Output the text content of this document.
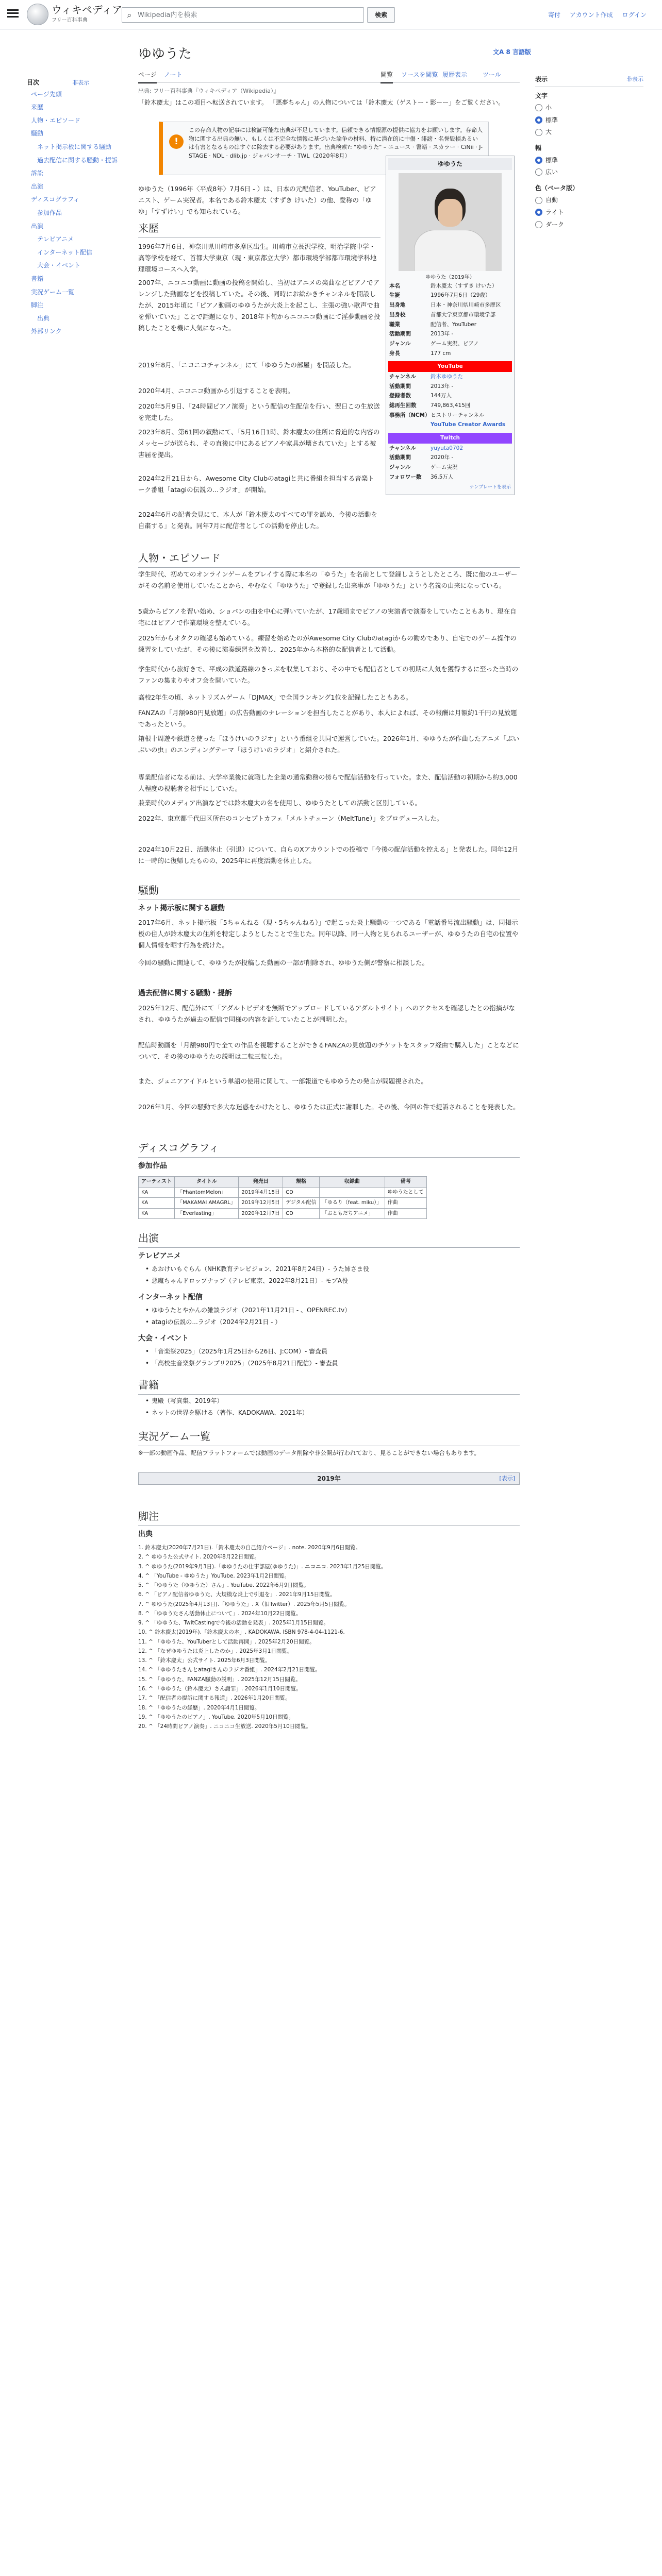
ウィキペディア
フリー百科事典
⌕ Wikipedia内を検索	検索	寄付 アカウント作成 ログイン
目次	非表示
ページ先頭
来歴
人物・エピソード
騒動
ネット掲示板に関する騒動
過去配信に関する騒動・提訴
訴訟
出演
ディスコグラフィ
参加作品
出演
テレビアニメ
インターネット配信
大会・イベント
書籍
実況ゲーム一覧
脚注
出典
外部リンク
表示	非表示
文字
小
標準
大
幅
標準
広い
色（ベータ版）
自動
ライト
ダーク
ゆゆうた	文A 8 言語版
ページ ノート	閲覧 ソースを閲覧 履歴表示 ツール
出典: フリー百科事典『ウィキペディア（Wikipedia）』
「鈴木慶太」はこの項目へ転送されています。 「悪夢ちゃん」の人物については「鈴木慶太（ゲストー・影ーー」をご覧ください。
!
この存命人物の記事には検証可能な出典が不足しています。信頼できる情報源の提供に協力をお願いします。存命人物に関する出典の無い、もしくは不完全な情報に基づいた論争の材料、特に潜在的に中傷・誹謗・名誉毀損あるいは有害となるものはすぐに除去する必要があります。出典検索?: "ゆゆうた" – ニュース · 書籍 · スカラー · CiNii · J-STAGE · NDL · dlib.jp · ジャパンサーチ · TWL（2020年8月）
ゆゆうた（1996年〈平成8年〉7月6日 - ）は、日本の元配信者、YouTuber、ピアニスト、ゲーム実況者。本名である鈴木慶太（すずき けいた）の他、愛称の「ゆゆ」「すずけい」でも知られている。
来歴
1996年7月6日、神奈川県川崎市多摩区出生。川崎市立長沢学校、明治学院中学・高等学校を経て、首都大学東京（現・東京都立大学）都市環境学部都市環境学科地理環境コースへ入学。
2007年、ニコニコ動画に動画の投稿を開始し、当初はアニメの楽曲などピアノでアレンジした動画などを投稿していた。その後、同時にお絵かきチャンネルを開設したが、2015年頃に「ピアノ動画のゆゆうたが大炎上を起こし、主張の強い歌声で曲を弾いていた」ことで話題になり、2018年下旬からニコニコ動画にて淫夢動画を投稿したことを機に人気になった。
2019年8月、「ニコニコチャンネル」にて「ゆゆうたの部屋」を開設した。
2020年4月、ニコニコ動画から引退することを表明。
2020年5月9日、「24時間ピアノ演奏」という配信の生配信を行い、翌日この生放送を完走した。
2023年8月、第61回の叙勲にて、「5月16日1時、鈴木慶太の住所に脅迫的な内容のメッセージが送られ、その直後に中にあるピアノや家具が壊されていた」とする被害届を提出。
2024年2月21日から、Awesome City Clubのatagiと共に番組を担当する音楽トーク番組「atagiの伝説の...ラジオ」が開始。
2024年6月の記者会見にて、本人が「鈴木慶太のすべての罪を認め、今後の活動を自粛する」と発表。同年7月に配信者としての活動を停止した。
人物・エピソード
学生時代、初めてのオンラインゲームをプレイする際に本名の「ゆうた」を名前として登録しようとしたところ、既に他のユーザーがその名前を使用していたことから、やむなく「ゆゆうた」で登録した出来事が「ゆゆうた」という名義の由来になっている。
5歳からピアノを習い始め、ショパンの曲を中心に弾いていたが、17歳頃までピアノの実演者で演奏をしていたこともあり、現在自宅にはピアノで作業環境を整えている。
2025年からオタクの確認も始めている。練習を始めたのがAwesome City Clubのatagiからの勧めであり、自宅でのゲーム操作の練習をしていたが、その後に演奏練習を改善し、2025年から本格的な配信者として活動。
学生時代から旅好きで、平成の鉄道路線のきっぷを収集しており、その中でも配信者としての初期に人気を獲得するに至った当時のファンの集まりやオフ会を開いていた。
高校2年生の頃、ネットリズムゲーム「DJMAX」で全国ランキング1位を記録したこともある。
FANZAの「月額980円見放題」の広告動画のナレーションを担当したことがあり、本人によれば、その報酬は月額約1千円の見放題であったという。
箱根十周遊や鉄道を使った「ほうけいのラジオ」という番組を共同で運営していた。2026年1月、ゆゆうたが作曲したアニメ「ぶいぶいの虫」のエンディングテーマ「ほうけいのラジオ」と紹介された。
専業配信者になる前は、大学卒業後に就職した企業の通常勤務の傍らで配信活動を行っていた。また、配信活動の初期から約3,000人程度の視聴者を相手にしていた。
兼業時代のメディア出演などでは鈴木慶太の名を使用し、ゆゆうたとしての活動と区別している。
2022年、東京都千代田区所在のコンセプトカフェ「メルトチューン（MeltTune）」をプロデュースした。
2024年10月22日、活動休止（引退）について、自らのXアカウントでの投稿で「今後の配信活動を控える」と発表した。同年12月に一時的に復帰したものの、2025年に再度活動を休止した。
騒動
ネット掲示板に関する騒動
2017年6月、ネット掲示板「5ちゃんねる（現・5ちゃんねる）」で起こった炎上騒動の一つである「電話番号流出騒動」は、同掲示板の住人が鈴木慶太の住所を特定しようとしたことで生じた。同年以降、同一人物と見られるユーザーが、ゆゆうたの自宅の位置や個人情報を晒す行為を続けた。
今回の騒動に関連して、ゆゆうたが投稿した動画の一部が削除され、ゆゆうた側が警察に相談した。
過去配信に関する騒動・提訴
2025年12月、配信外にて「アダルトビデオを無断でアップロードしているアダルトサイト」へのアクセスを確認したとの指摘がなされ、ゆゆうたが過去の配信で同様の内容を話していたことが判明した。
配信時動画を「月額980円で全ての作品を視聴することができるFANZAの見放題のチケットをスタッフ経由で購入した」ことなどについて、その後のゆゆうたの説明は二転三転した。
また、ジュニアアイドルという単語の使用に関して、一部報道でもゆゆうたの発言が問題視された。
2026年1月、今回の騒動で多大な迷惑をかけたとし、ゆゆうたは正式に謝罪した。その後、今回の件で提訴されることを発表した。
ディスコグラフィ
参加作品
アーティスト	タイトル	発売日	規格	収録曲	備考
KA	「PhantomMelon」	2019年4月15日	CD		ゆゆうたとして
KA	「MAKAMAI AMAGRL」	2019年12月5日	デジタル配信	「ゆるり（feat. miku）」	作曲
KA	「Everlasting」	2020年12月7日	CD	「おともだちアニメ」	作曲
出演
テレビアニメ
• あおけいもぐらん（NHK教育テレビジョン、2021年8月24日）- うた姉さま役
• 悪魔ちゃんドロップナップ（テレビ東京、2022年8月21日）- モブA役
インターネット配信
• ゆゆうたとやかんの雑談ラジオ（2021年11月21日 - 、OPENREC.tv）
• atagiの伝説の...ラジオ（2024年2月21日 - ）
大会・イベント
• 「音楽祭2025」（2025年1月25日から26日、J:COM）- 審査員
• 「高校生音楽祭グランプリ2025」（2025年8月21日配信）- 審査員
書籍
• 鬼殿（写真集、2019年）
• ネットの世界を駆ける（著作、KADOKAWA、2021年）
実況ゲーム一覧
※一部の動画作品、配信プラットフォームでは動画のデータ削除や非公開が行われており、見ることができない場合もあります。
2019年	[表示]
脚注
出典
1. 鈴木慶太(2020年7月21日).「鈴木慶太の自己紹介ページ」. note. 2020年9月6日閲覧。
2. ^ ゆゆうた公式サイト. 2020年8月22日閲覧。
3. ^ ゆゆうた(2019年9月3日).「ゆゆうたの仕事部屋(ゆゆうた)」. ニコニコ. 2023年1月25日閲覧。
4. ^ 「YouTube - ゆゆうた」YouTube. 2023年1月2日閲覧。
5. ^ 「ゆゆうた（ゆゆうた）さん」. YouTube. 2022年6月9日閲覧。
6. ^ 「ピアノ配信者ゆゆうた、大規模な炎上で引退を」. 2021年9月15日閲覧。
7. ^ ゆゆうた(2025年4月13日).「ゆゆうた」. X（旧Twitter）. 2025年5月5日閲覧。
8. ^ 「ゆゆうたさん活動休止について」. 2024年10月22日閲覧。
9. ^ 「ゆゆうた、TwitCastingで今後の活動を発表」. 2025年1月15日閲覧。
10. ^ 鈴木慶太(2019年).「鈴木慶太の本」. KADOKAWA. ISBN 978-4-04-1121-6.
11. ^ 「ゆゆうた、YouTuberとして活動再開」. 2025年2月20日閲覧。
12. ^ 「なぜゆゆうたは炎上したのか」. 2025年3月1日閲覧。
13. ^ 「鈴木慶太」公式サイト. 2025年6月3日閲覧。
14. ^ 「ゆゆうたさんとatagiさんのラジオ番組」. 2024年2月21日閲覧。
15. ^ 「ゆゆうた、FANZA騒動の説明」. 2025年12月15日閲覧。
16. ^ 「ゆゆうた（鈴木慶太）さん謝罪」. 2026年1月10日閲覧。
17. ^ 「配信者の提訴に関する報道」. 2026年1月20日閲覧。
18. ^ 「ゆゆうたの経歴」. 2020年4月1日閲覧。
19. ^ 「ゆゆうたのピアノ」. YouTube. 2020年5月10日閲覧。
20. ^ 「24時間ピアノ演奏」. ニコニコ生放送. 2020年5月10日閲覧。
ゆゆうた
ゆゆうた（2019年）
本名	鈴木慶太（すずき けいた）
生誕	1996年7月6日（29歳）
出身地	日本・神奈川県川崎市多摩区
出身校	首都大学東京都市環境学部
職業	配信者、YouTuber
活動期間	2013年 -
ジャンル	ゲーム実況、ピアノ
身長	177 cm
YouTube
チャンネル	鈴木ゆゆうた
活動期間	2013年 -
登録者数	144万人
総再生回数	749,863,415回
事務所（NCM） ヒストリーチャンネル
YouTube Creator Awards
Twitch
チャンネル	yuyuta0702
活動期間	2020年 -
ジャンル	ゲーム実況
フォロワー数	36.5万人
テンプレートを表示
